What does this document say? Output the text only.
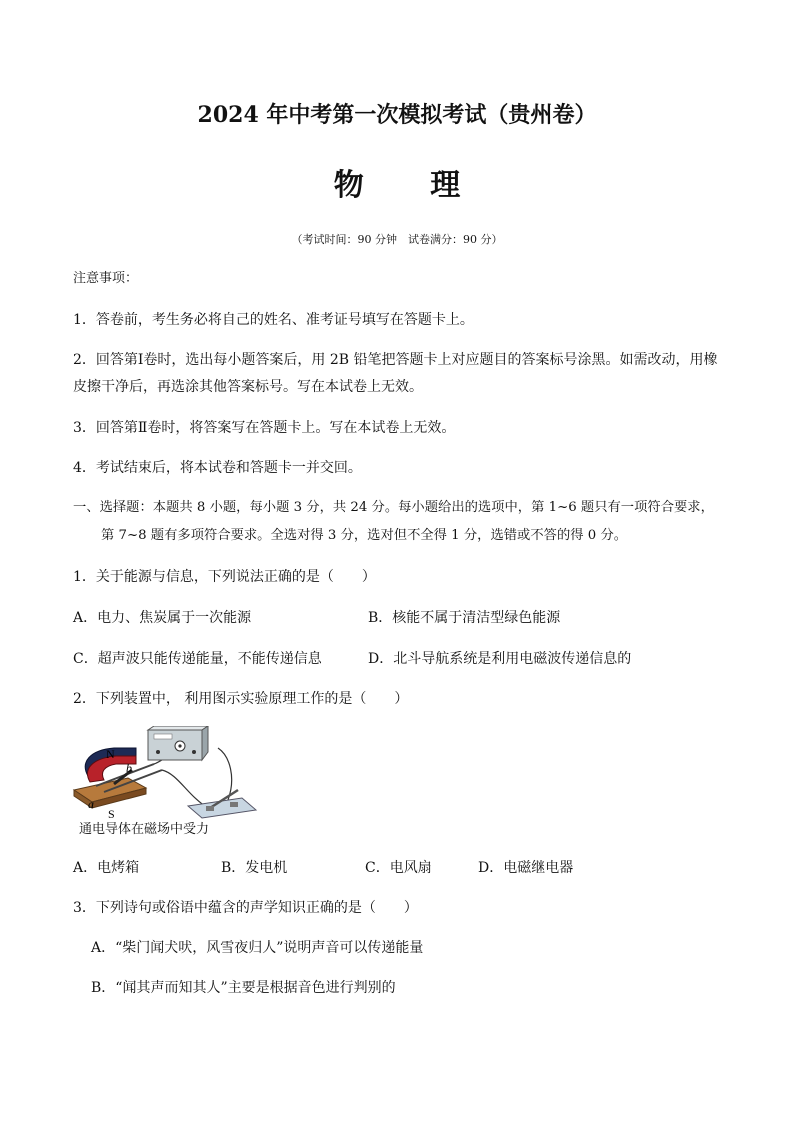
2024 年中考第一次模拟考试（贵州卷）
物 理
（考试时间：90 分钟　试卷满分：90 分）
注意事项：
1．答卷前，考生务必将自己的姓名、准考证号填写在答题卡上。
2．回答第Ⅰ卷时，选出每小题答案后，用 2B 铅笔把答题卡上对应题目的答案标号涂黑。如需改动，用橡
皮擦干净后，再选涂其他答案标号。写在本试卷上无效。
3．回答第Ⅱ卷时，将答案写在答题卡上。写在本试卷上无效。
4．考试结束后，将本试卷和答题卡一并交回。
一、选择题：本题共 8 小题，每小题 3 分，共 24 分。每小题给出的选项中，第 1~6 题只有一项符合要求，
第 7~8 题有多项符合要求。全选对得 3 分，选对但不全得 1 分，选错或不答的得 0 分。
1．关于能源与信息，下列说法正确的是（　　）
A．电力、焦炭属于一次能源	B．核能不属于清洁型绿色能源
C．超声波只能传递能量，不能传递信息	D．北斗导航系统是利用电磁波传递信息的
2．下列装置中， 利用图示实验原理工作的是（　　）
N
b
a
S
通电导体在磁场中受力
A．电烤箱	B．发电机	C．电风扇	D．电磁继电器
3．下列诗句或俗语中蕴含的声学知识正确的是（　　）
A．“柴门闻犬吠，风雪夜归人”说明声音可以传递能量
B．“闻其声而知其人”主要是根据音色进行判别的
